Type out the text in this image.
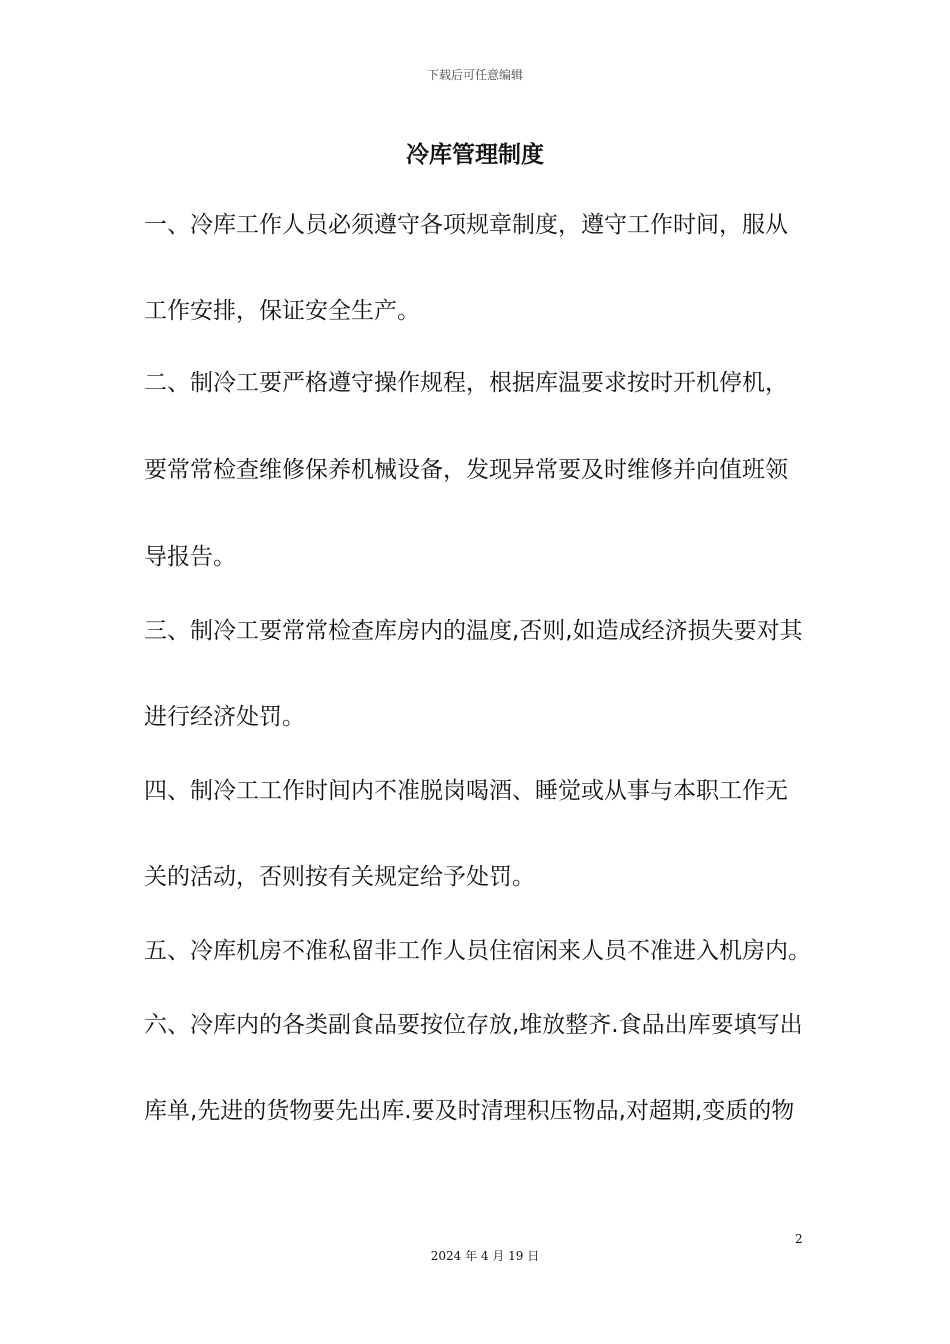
下载后可任意编辑
冷库管理制度
一、冷库工作人员必须遵守各项规章制度，遵守工作时间，服从
工作安排，保证安全生产。
二、制冷工要严格遵守操作规程，根据库温要求按时开机停机，
要常常检查维修保养机械设备，发现异常要及时维修并向值班领
导报告。
三、制冷工要常常检查库房内的温度,否则,如造成经济损失要对其
进行经济处罚。
四、制冷工工作时间内不准脱岗喝酒、睡觉或从事与本职工作无
关的活动，否则按有关规定给予处罚。
五、冷库机房不准私留非工作人员住宿闲来人员不准进入机房内。
六、冷库内的各类副食品要按位存放,堆放整齐.食品出库要填写出
库单,先进的货物要先出库.要及时清理积压物品,对超期,变质的物
2
2024 年 4 月 19 日
